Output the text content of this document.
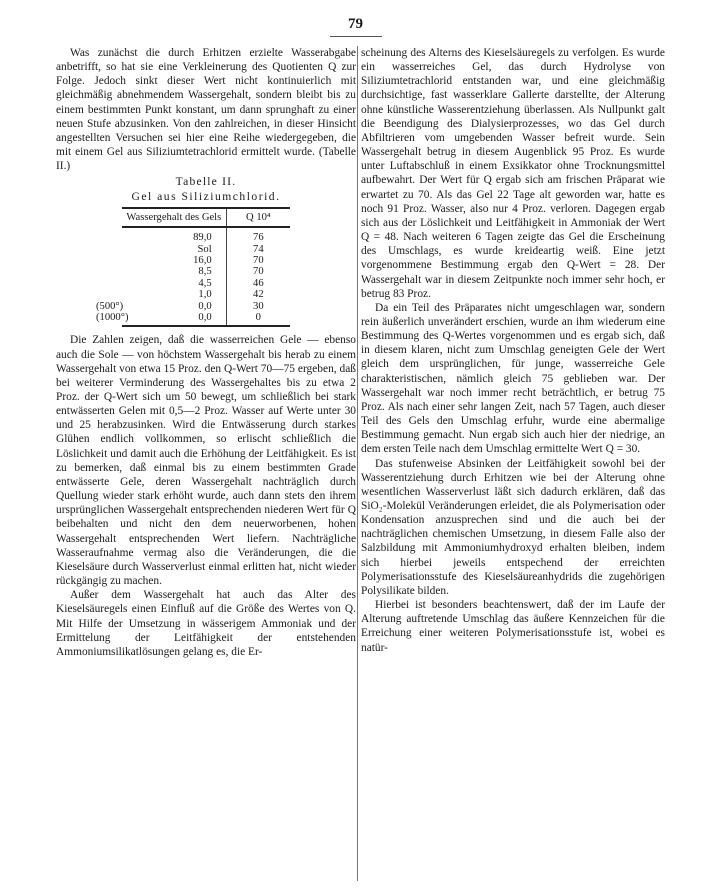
79

Was zunächst die durch Erhitzen erzielte Wasserabgabe anbetrifft, so hat sie eine Verkleinerung des Quotienten Q zur Folge. Jedoch sinkt dieser Wert nicht kontinuierlich mit gleichmäßig abnehmendem Wassergehalt, sondern bleibt bis zu einem bestimmten Punkt konstant, um dann sprunghaft zu einer neuen Stufe abzusinken. Von den zahlreichen, in dieser Hinsicht angestellten Versuchen sei hier eine Reihe wiedergegeben, die mit einem Gel aus Siliziumtetrachlorid ermittelt wurde. (Tabelle II.)

Tabelle II.
Gel aus Siliziumchlorid.
Wassergehalt des Gels	Q 10⁴
89,0	76
Sol	74
16,0	70
8,5	70
4,5	46
1,0	42

(500°) 0,0	30

(1000°) 0,0	0

Die Zahlen zeigen, daß die wasserreichen Gele — ebenso auch die Sole — von höchstem Wassergehalt bis herab zu einem Wassergehalt von etwa 15 Proz. den Q-Wert 70—75 ergeben, daß bei weiterer Verminderung des Wassergehaltes bis zu etwa 2 Proz. der Q-Wert sich um 50 bewegt, um schließlich bei stark entwässerten Gelen mit 0,5—2 Proz. Wasser auf Werte unter 30 und 25 herabzusinken. Wird die Entwässerung durch starkes Glühen endlich vollkommen, so erlischt schließlich die Löslichkeit und damit auch die Erhöhung der Leitfähigkeit. Es ist zu bemerken, daß einmal bis zu einem bestimmten Grade entwässerte Gele, deren Wassergehalt nachträglich durch Quellung wieder stark erhöht wurde, auch dann stets den ihrem ursprünglichen Wassergehalt entsprechenden niederen Wert für Q beibehalten und nicht den dem neuerworbenen, hohen Wassergehalt entsprechenden Wert liefern. Nachträgliche Wasseraufnahme vermag also die Veränderungen, die die Kieselsäure durch Wasserverlust einmal erlitten hat, nicht wieder rückgängig zu machen.

Außer dem Wassergehalt hat auch das Alter des Kieselsäuregels einen Einfluß auf die Größe des Wertes von Q. Mit Hilfe der Umsetzung in wässerigem Ammoniak und der Ermittelung der Leitfähigkeit der entstehenden Ammoniumsilikatlösungen gelang es, die Er-

scheinung des Alterns des Kieselsäuregels zu verfolgen. Es wurde ein wasserreiches Gel, das durch Hydrolyse von Siliziumtetrachlorid entstanden war, und eine gleichmäßig durchsichtige, fast wasserklare Gallerte darstellte, der Alterung ohne künstliche Wasserentziehung überlassen. Als Nullpunkt galt die Beendigung des Dialysierprozesses, wo das Gel durch Abfiltrieren vom umgebenden Wasser befreit wurde. Sein Wassergehalt betrug in diesem Augenblick 95 Proz. Es wurde unter Luftabschluß in einem Exsikkator ohne Trocknungsmittel aufbewahrt. Der Wert für Q ergab sich am frischen Präparat wie erwartet zu 70. Als das Gel 22 Tage alt geworden war, hatte es noch 91 Proz. Wasser, also nur 4 Proz. verloren. Dagegen ergab sich aus der Löslichkeit und Leitfähigkeit in Ammoniak der Wert Q = 48. Nach weiteren 6 Tagen zeigte das Gel die Erscheinung des Umschlags, es wurde kreideartig weiß. Eine jetzt vorgenommene Bestimmung ergab den Q-Wert = 28. Der Wassergehalt war in diesem Zeitpunkte noch immer sehr hoch, er betrug 83 Proz.

Da ein Teil des Präparates nicht umgeschlagen war, sondern rein äußerlich unverändert erschien, wurde an ihm wiederum eine Bestimmung des Q-Wertes vorgenommen und es ergab sich, daß in diesem klaren, nicht zum Umschlag geneigten Gele der Wert gleich dem ursprünglichen, für junge, wasserreiche Gele charakteristischen, nämlich gleich 75 geblieben war. Der Wassergehalt war noch immer recht beträchtlich, er betrug 75 Proz. Als nach einer sehr langen Zeit, nach 57 Tagen, auch dieser Teil des Gels den Umschlag erfuhr, wurde eine abermalige Bestimmung gemacht. Nun ergab sich auch hier der niedrige, an dem ersten Teile nach dem Umschlag ermittelte Wert Q = 30.

Das stufenweise Absinken der Leitfähigkeit sowohl bei der Wasserentziehung durch Erhitzen wie bei der Alterung ohne wesentlichen Wasserverlust läßt sich dadurch erklären, daß das SiO₂-Molekül Veränderungen erleidet, die als Polymerisation oder Kondensation anzusprechen sind und die auch bei der nachträglichen chemischen Umsetzung, in diesem Falle also der Salzbildung mit Ammoniumhydroxyd erhalten bleiben, indem sich hierbei jeweils entspechend der erreichten Polymerisationsstufe des Kieselsäureanhydrids die zugehörigen Polysilikate bilden.

Hierbei ist besonders beachtenswert, daß der im Laufe der Alterung auftretende Umschlag das äußere Kennzeichen für die Erreichung einer weiteren Polymerisationsstufe ist, wobei es natür-
